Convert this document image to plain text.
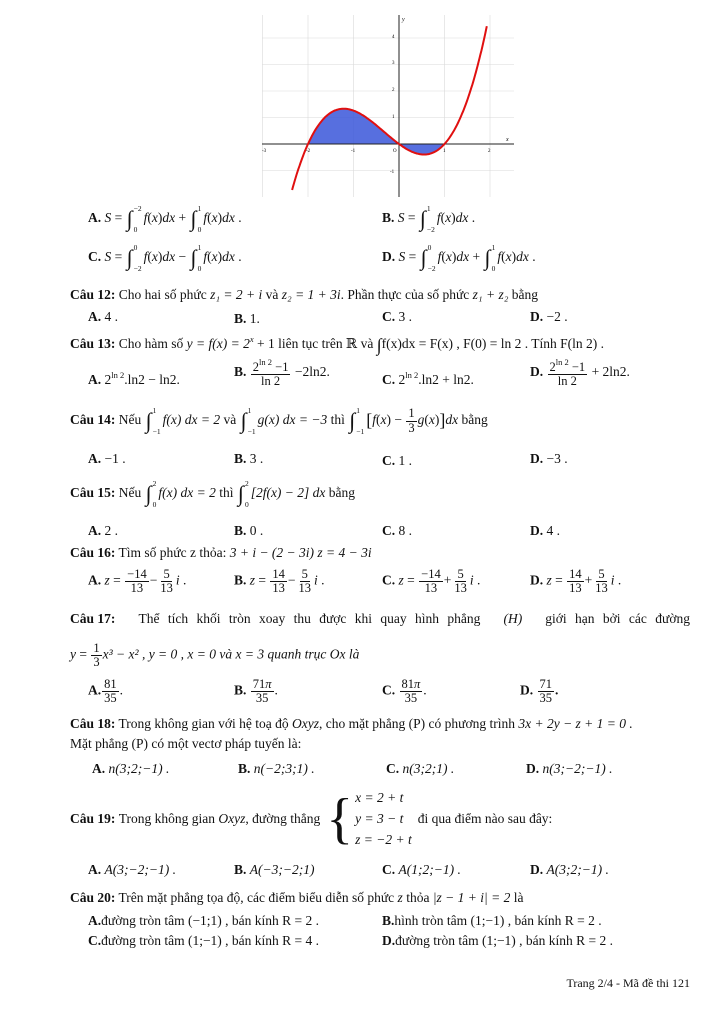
-3	-2	-1	1	2
4
3
2
1
-1
x
y
O
A. S = ∫ −2
0
f(x)dx + ∫ 1
0
f(x)dx .	B. S = ∫ 1
−2
f(x)dx .
C. S = ∫ 0
−2
f(x)dx − ∫ 1
0
f(x)dx .	D. S = ∫ 0
−2
f(x)dx + ∫ 1
0
f(x)dx .
Câu 12: Cho hai số phức z₁ = 2 + i và z₂ = 1 + 3i. Phần thực của số phức z₁ + z₂ bằng
A. 4 .	B. 1.	C. 3 .	D. −2 .
Câu 13: Cho hàm số $y = f(x) = 2^x + 1$ liên tục trên ℝ và ∫f(x)dx = F(x) , F(0) = ln 2 . Tính F(ln 2) .
A. $2^{ln 2}.\ln 2 - \ln 2$.
B. $\frac{2^{ln 2} -1}{\ln 2} -2\ln 2$.
C. $2^{ln 2}.\ln 2 + \ln 2$.
D. $\frac{2^{ln 2} -1}{\ln 2} + 2\ln 2$.
Câu 14: Nếu ∫ 1
−1
f(x) dx = 2 và ∫ 1
−1
g(x) dx = −3 thì ∫ 1
−1
$[f(x) - \frac{1}{3} g(x)]dx$ bằng
A. −1 .	B. 3 .	C. 1 .	D. −3 .
Câu 15: Nếu ∫ 2
0
f(x) dx = 2 thì ∫ 2
0
[2f(x) − 2] dx bằng
A. 2 .	B. 0 .	C. 8 .	D. 4 .
Câu 16: Tìm số phức z thỏa: 3 + i − (2 − 3i) z = 4 − 3i
A. $z = \frac{-14}{13} - \frac{5}{13}$ i .	B. $z = \frac{14}{13} - \frac{5}{13}$ i .	C. $z = \frac{-14}{13} + \frac{5}{13}$ i .	D. $z = \frac{14}{13} + \frac{5}{13}$ i .
Câu 17: Thể tích khối tròn xoay thu được khi quay hình phẳng (H) giới hạn bởi các đường
$y = \frac{1}{3} x^3 - x^2$ , y = 0 , x = 0 và x = 3 quanh trục Ox là
A. $\frac{81}{35}$ .	B. $\frac{71\pi}{35}$ .	C. $\frac{81\pi}{35}$ .	D. $\frac{71}{35}$ .
Câu 18: Trong không gian với hệ toạ độ Oxyz, cho mặt phẳng (P) có phương trình 3x + 2y − z + 1 = 0 .
Mặt phẳng (P) có một vectơ pháp tuyến là:
A. n(3;2;−1) .	B. n(−2;3;1) .	C. n(3;2;1) .	D. n(3;−2;−1) .
Câu 19:
Trong không gian
Oxyz , đường thẳng { x = 2 + t
y = 3 − t
z = −2 + t
đi qua điểm nào sau đây:
A. A(3;−2;−1) .	B. A(−3;−2;1)	C. A(1;2;−1) .	D. A(3;2;−1) .
Câu 20: Trên mặt phẳng tọa độ, các điểm biểu diễn số phức z thỏa |z − 1 + i| = 2 là
A.đường tròn tâm (−1;1) , bán kính R = 2 .	B.hình tròn tâm (1;−1) , bán kính R = 2 .
C.đường tròn tâm (1;−1) , bán kính R = 4 .	D.đường tròn tâm (1;−1) , bán kính R = 2 .
Trang 2/4 - Mã đề thi 121
